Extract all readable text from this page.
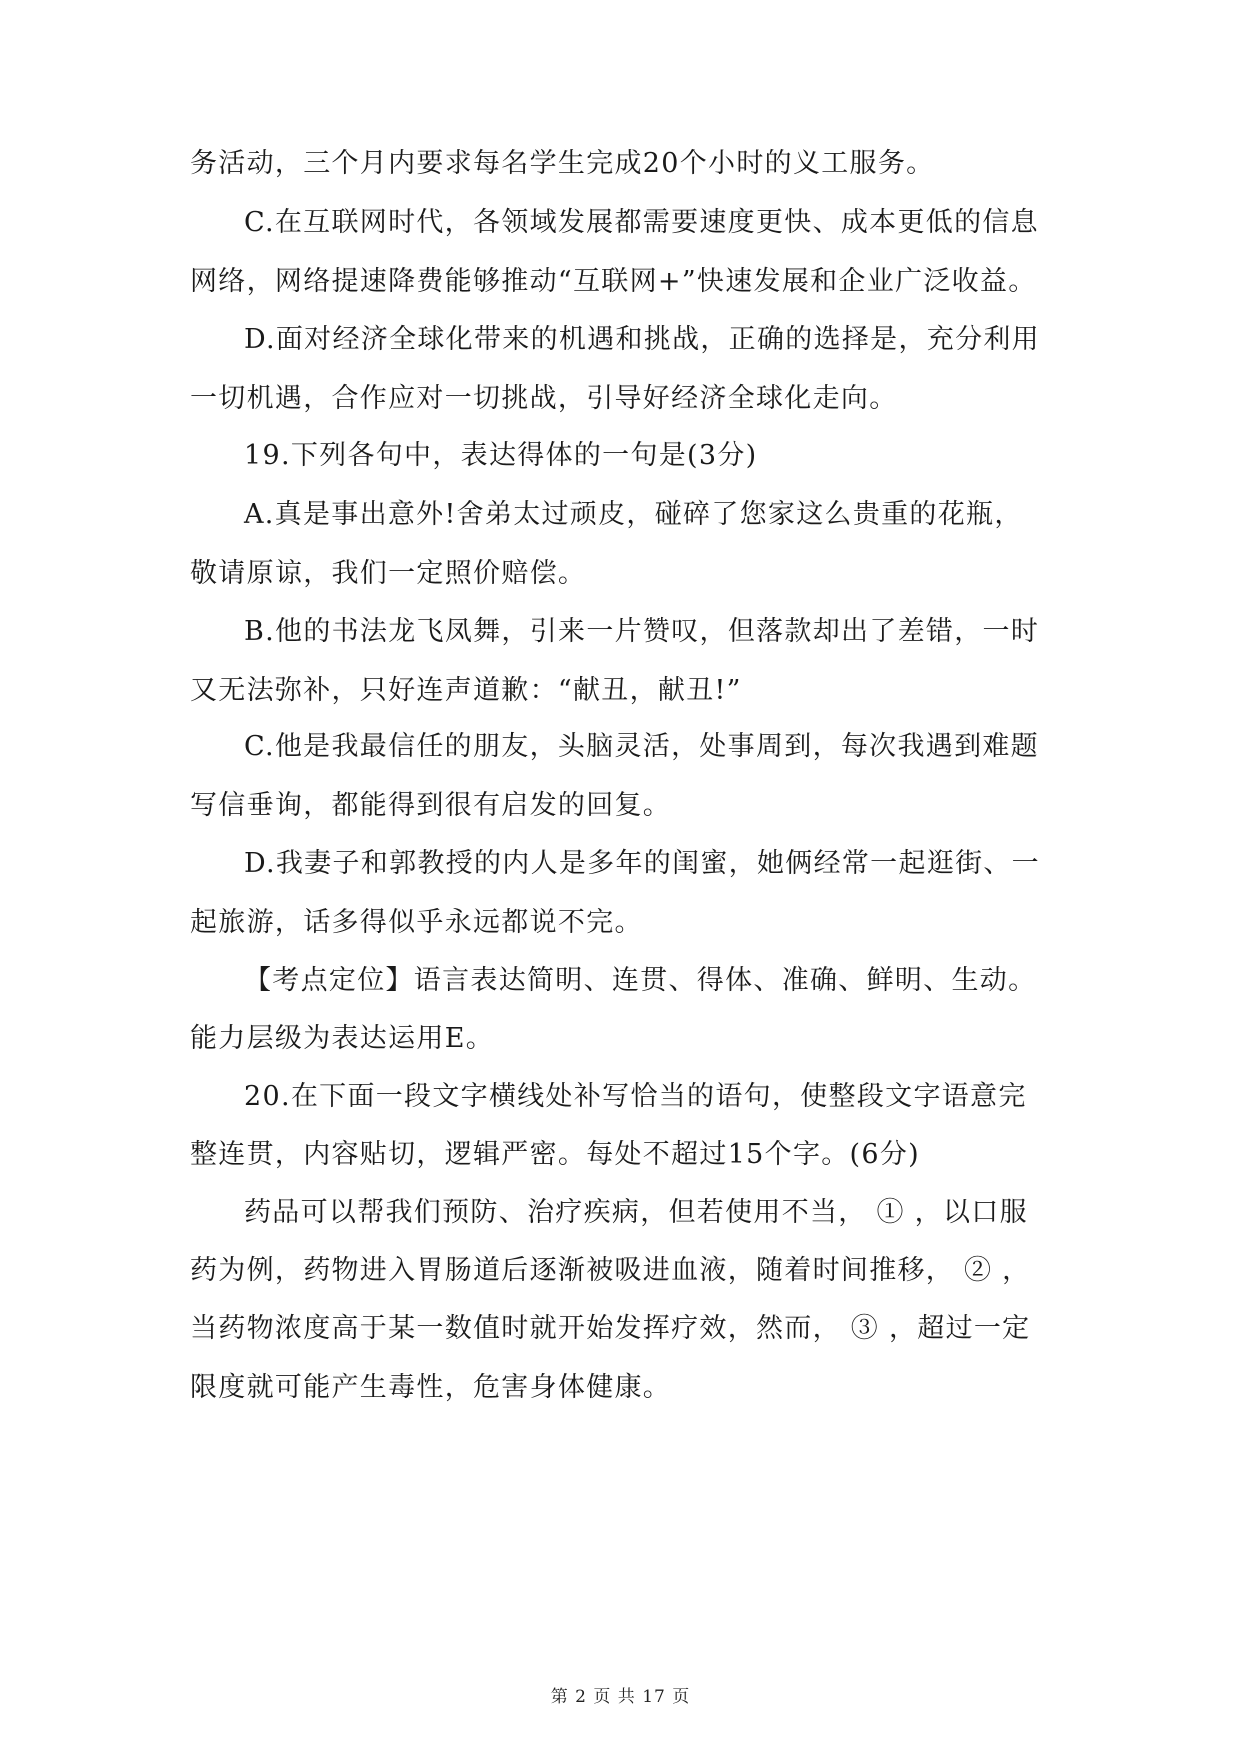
务活动，三个月内要求每名学生完成20个小时的义工服务。
C.在互联网时代，各领域发展都需要速度更快、成本更低的信息
网络，网络提速降费能够推动“互联网+”快速发展和企业广泛收益。
D.面对经济全球化带来的机遇和挑战，正确的选择是，充分利用
一切机遇，合作应对一切挑战，引导好经济全球化走向。
19.下列各句中，表达得体的一句是(3分)
A.真是事出意外!舍弟太过顽皮，碰碎了您家这么贵重的花瓶，
敬请原谅，我们一定照价赔偿。
B.他的书法龙飞凤舞，引来一片赞叹，但落款却出了差错，一时
又无法弥补，只好连声道歉：“献丑，献丑!”
C.他是我最信任的朋友，头脑灵活，处事周到，每次我遇到难题
写信垂询，都能得到很有启发的回复。
D.我妻子和郭教授的内人是多年的闺蜜，她俩经常一起逛街、一
起旅游，话多得似乎永远都说不完。
【考点定位】语言表达简明、连贯、得体、准确、鲜明、生动。
能力层级为表达运用E。
20.在下面一段文字横线处补写恰当的语句，使整段文字语意完
整连贯，内容贴切，逻辑严密。每处不超过15个字。(6分)
药品可以帮我们预防、治疗疾病，但若使用不当， ① ，以口服
药为例，药物进入胃肠道后逐渐被吸进血液，随着时间推移， ② ，
当药物浓度高于某一数值时就开始发挥疗效，然而， ③ ，超过一定
限度就可能产生毒性，危害身体健康。
第 2 页 共 17 页
